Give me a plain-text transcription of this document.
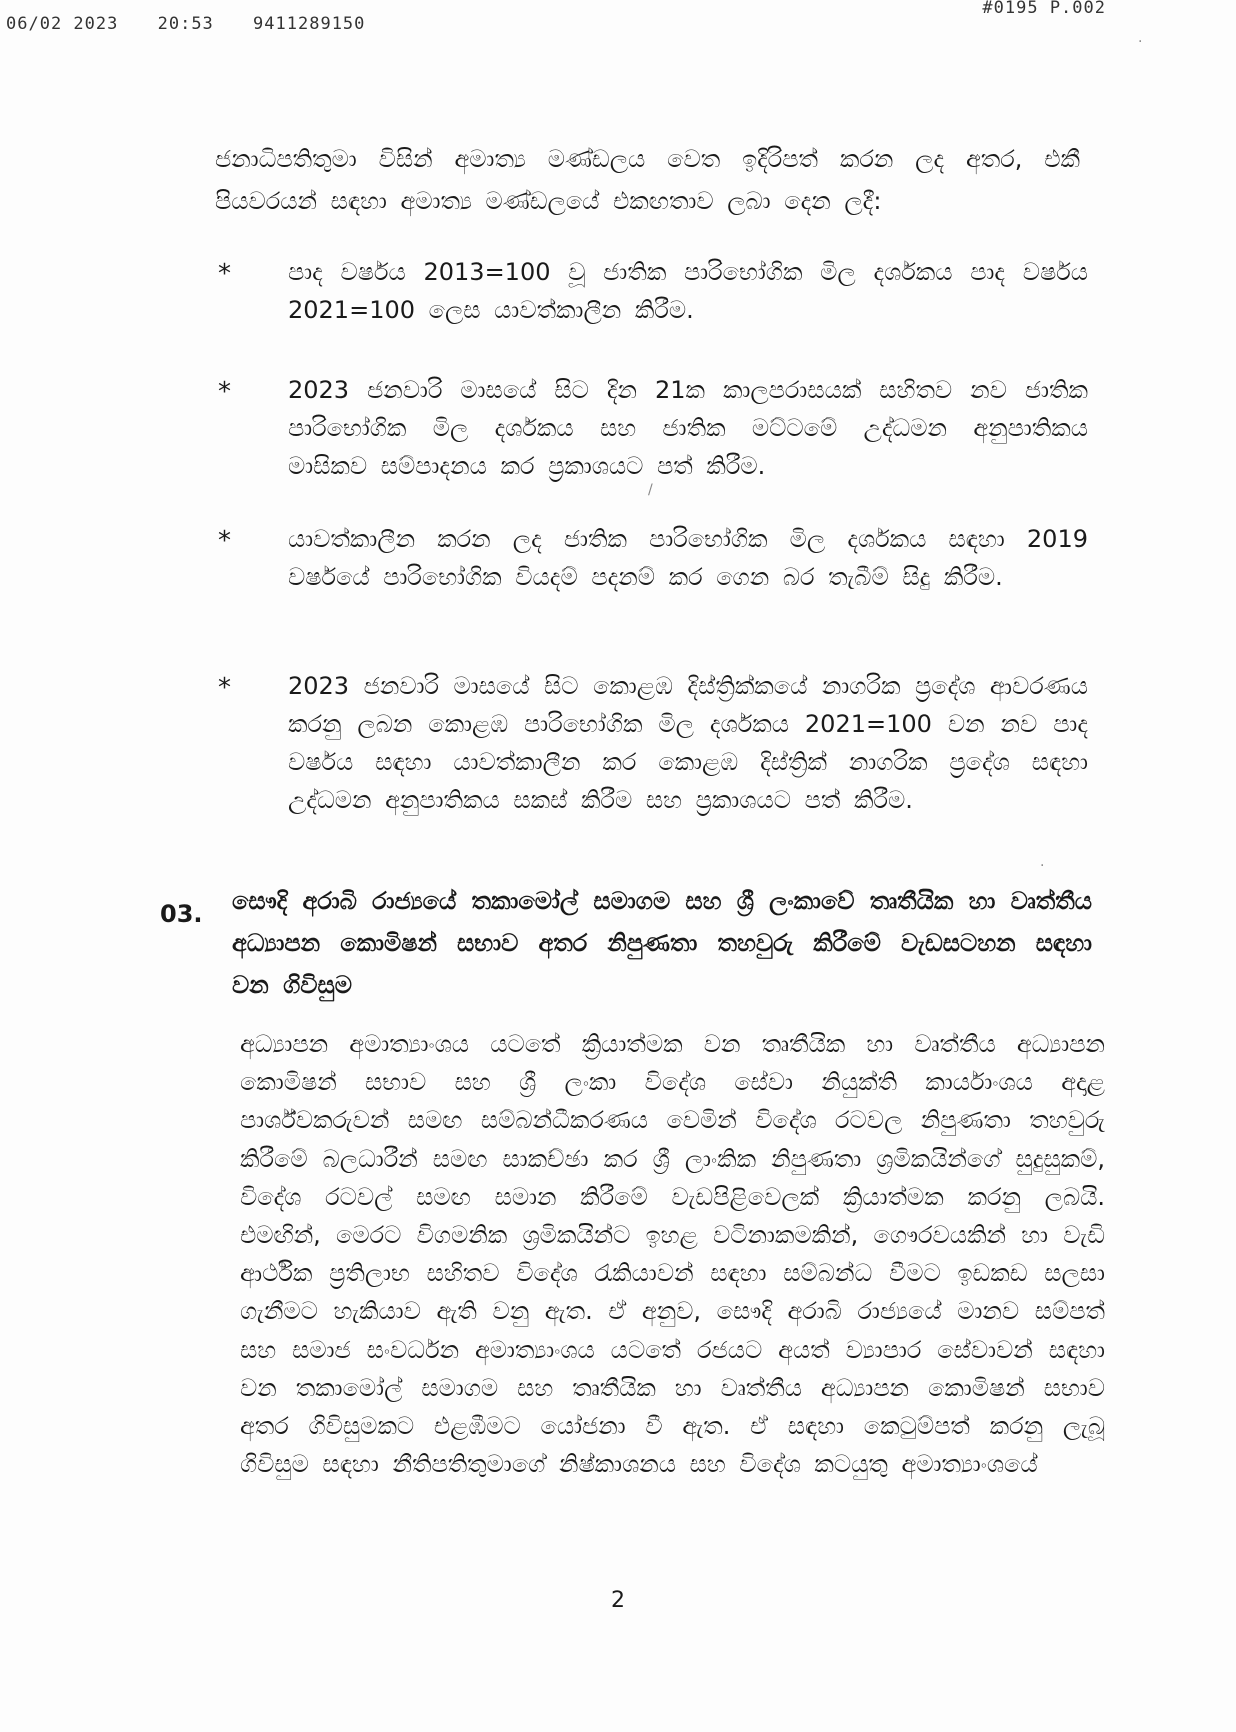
06/02 2023 20:53 9411289150
#0195 P.002

ජනාධිපතිතුමා විසින් අමාත්‍ය මණ්ඩලය වෙත ඉදිරිපත් කරන ලද අතර, එකී පියවරයන් සඳහා අමාත්‍ය මණ්ඩලයේ එකඟතාව ලබා දෙන ලදී:

*	පාද වර්ෂය 2013=100 වූ ජාතික පාරිභෝගික මිල දර්ශකය පාද වර්ෂය 2021=100 ලෙස යාවත්කාලීන කිරීම.
*	2023 ජනවාරි මාසයේ සිට දින 21ක කාලපරාසයක් සහිතව නව ජාතික පාරිභෝගික මිල දර්ශකය සහ ජාතික මට්ටමේ උද්ධමන අනුපාතිකය මාසිකව සම්පාදනය කර ප්‍රකාශයට පත් කිරීම.
*	යාවත්කාලීන කරන ලද ජාතික පාරිභෝගික මිල දර්ශකය සඳහා 2019 වර්ෂයේ පාරිභෝගික වියදම් පදනම් කර ගෙන බර තැබීම් සිදු කිරීම.
*	2023 ජනවාරි මාසයේ සිට කොළඹ දිස්ත්‍රික්කයේ නාගරික ප්‍රදේශ ආවරණය කරනු ලබන කොළඹ පාරිභෝගික මිල දර්ශකය 2021=100 වන නව පාද වර්ෂය සඳහා යාවත්කාලීන කර කොළඹ දිස්ත්‍රික් නාගරික ප්‍රදේශ සඳහා උද්ධමන අනුපාතිකය සකස් කිරීම සහ ප්‍රකාශයට පත් කිරීම.
03. සෞදි අරාබි රාජ්‍යයේ තකාමෝල් සමාගම සහ ශ්‍රී ලංකාවේ තෘතීයික හා වෘත්තීය අධ්‍යාපන කොමිෂන් සභාව අතර නිපුණතා තහවුරු කිරීමේ වැඩසටහන සඳහා වන ගිවිසුම

අධ්‍යාපන අමාත්‍යාංශය යටතේ ක්‍රියාත්මක වන තෘතීයික හා වෘත්තීය අධ්‍යාපන කොමිෂන් සභාව සහ ශ්‍රී ලංකා විදේශ සේවා නියුක්ති කාර්යාංශය අදාළ පාර්ශ්වකරුවන් සමඟ සම්බන්ධීකරණය වෙමින් විදේශ රටවල නිපුණතා තහවුරු කිරීමේ බලධාරීන් සමඟ සාකච්ඡා කර ශ්‍රී ලාංකික නිපුණතා ශ්‍රමිකයින්ගේ සුදුසුකම්, විදේශ රටවල් සමඟ සමාන කිරීමේ වැඩපිළිවෙලක් ක්‍රියාත්මක කරනු ලබයි. එමඟින්, මෙරට විගමනික ශ්‍රමිකයින්ට ඉහළ වටිනාකමකින්, ගෞරවයකින් හා වැඩි ආර්ථික ප්‍රතිලාභ සහිතව විදේශ රැකියාවන් සඳහා සම්බන්ධ වීමට ඉඩකඩ සලසා ගැනීමට හැකියාව ඇති වනු ඇත. ඒ අනුව, සෞදි අරාබි රාජ්‍යයේ මානව සම්පත් සහ සමාජ සංවර්ධන අමාත්‍යාංශය යටතේ රජයට අයත් ව්‍යාපාර සේවාවන් සඳහා වන තකාමෝල් සමාගම සහ තෘතීයික හා වෘත්තීය අධ්‍යාපන කොමිෂන් සභාව අතර ගිවිසුමකට එළඹීමට යෝජනා වී ඇත. ඒ සඳහා කෙටුම්පත් කරනු ලැබූ ගිවිසුම සඳහා නීතිපතිතුමාගේ නිෂ්කාශනය සහ විදේශ කටයුතු අමාත්‍යාංශයේ

2
·
·
/
